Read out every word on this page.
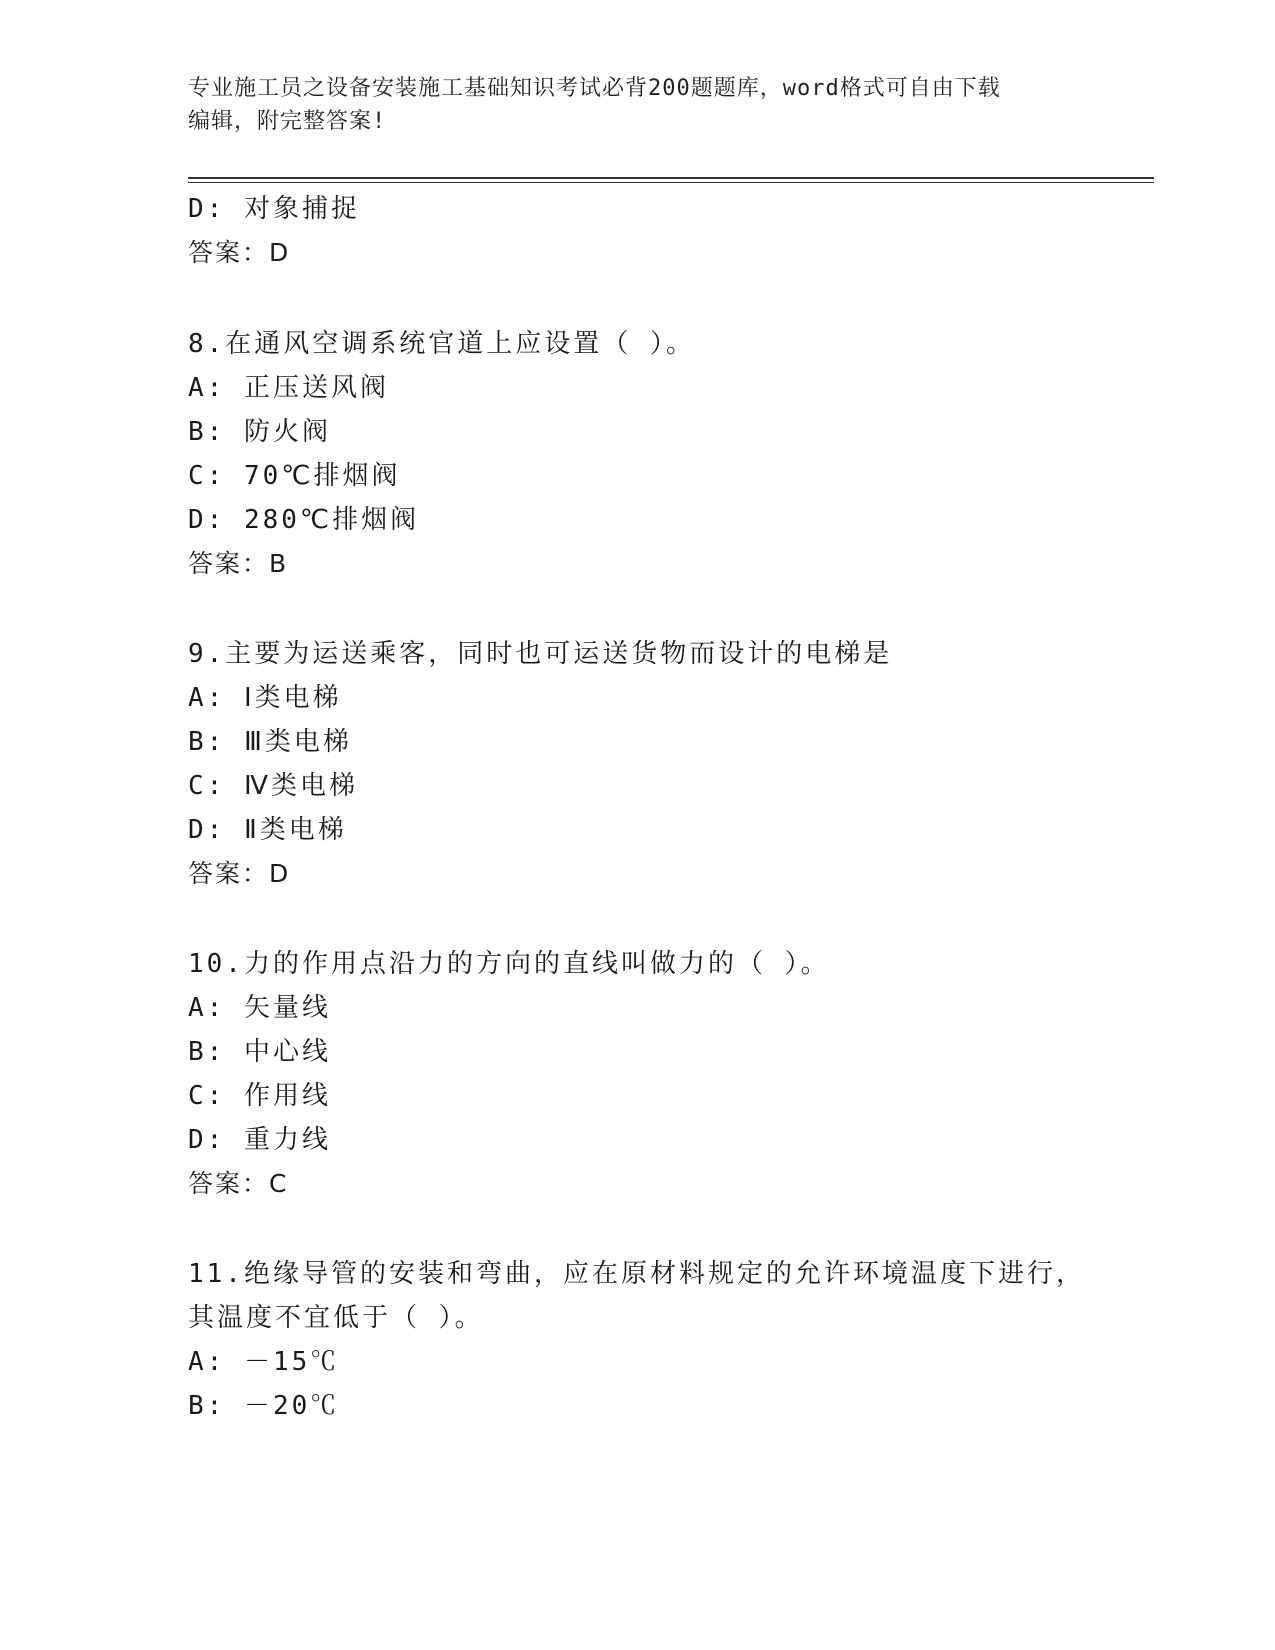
专业施工员之设备安装施工基础知识考试必背200题题库，word格式可自由下载
编辑，附完整答案!
D: 对象捕捉
答案：D
8.在通风空调系统官道上应设置（ ）。
A: 正压送风阀
B: 防火阀
C: 70℃排烟阀
D: 280℃排烟阀
答案：B
9.主要为运送乘客，同时也可运送货物而设计的电梯是
A: Ⅰ类电梯
B: Ⅲ类电梯
C: Ⅳ类电梯
D: Ⅱ类电梯
答案：D
10.力的作用点沿力的方向的直线叫做力的（ ）。
A: 矢量线
B: 中心线
C: 作用线
D: 重力线
答案：C
11.绝缘导管的安装和弯曲，应在原材料规定的允许环境温度下进行，
其温度不宜低于（ ）。
A: －15℃
B: －20℃
